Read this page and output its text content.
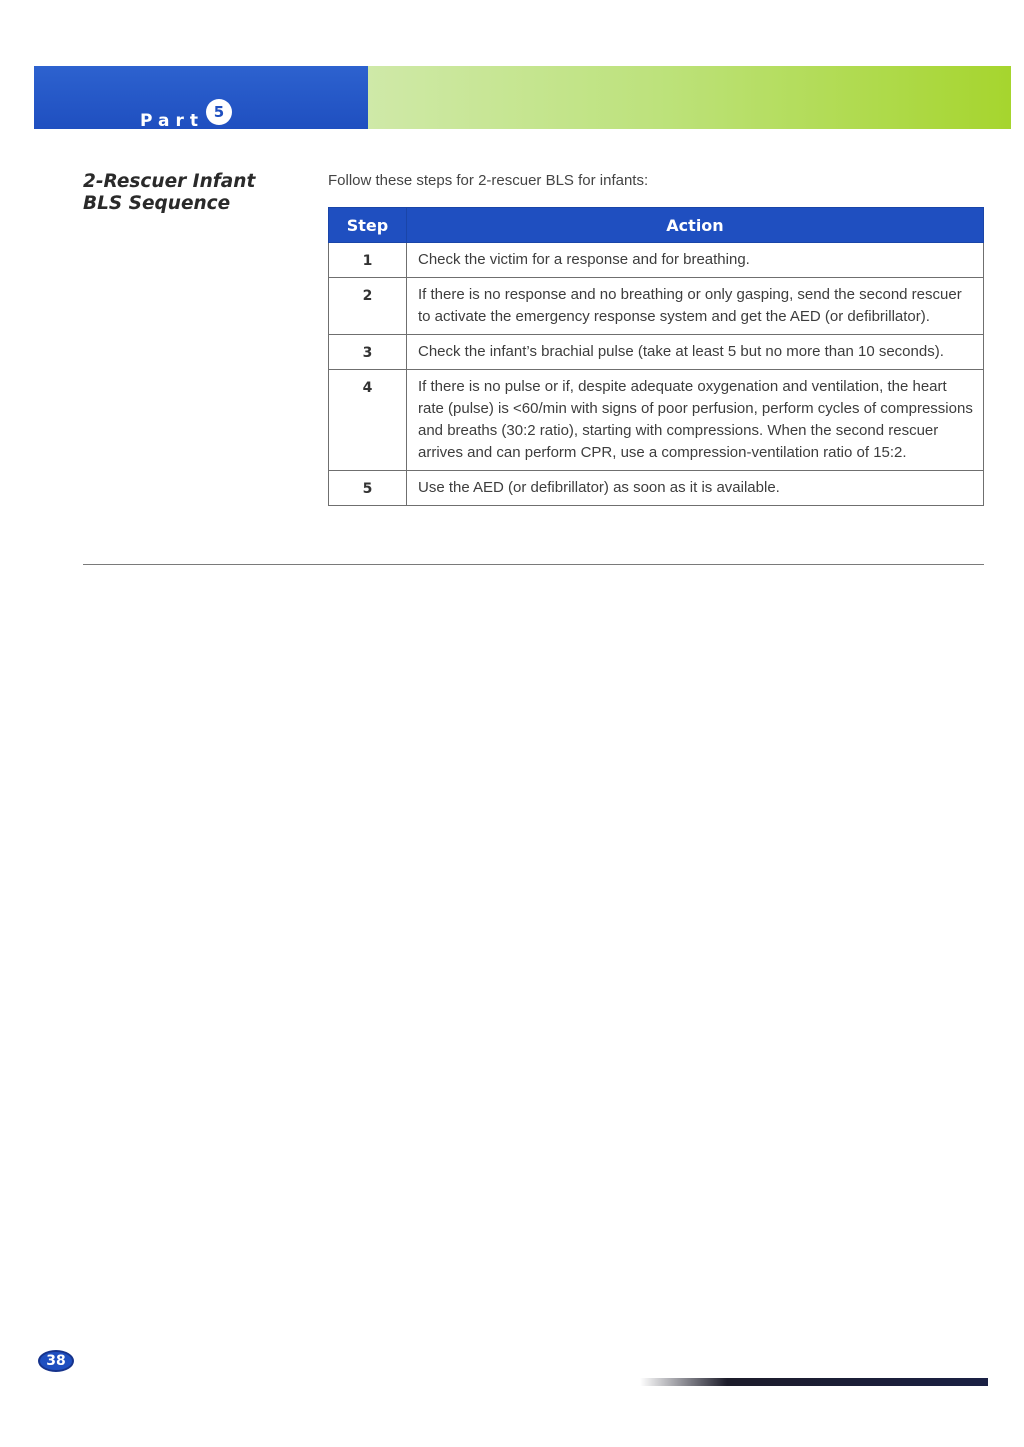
Part 5
2-Rescuer Infant BLS Sequence
Follow these steps for 2-rescuer BLS for infants:
Step	Action
1	Check the victim for a response and for breathing.
2	If there is no response and no breathing or only gasping, send the second rescuer to activate the emergency response system and get the AED (or defibrillator).
3	Check the infant’s brachial pulse (take at least 5 but no more than 10 seconds).
4	If there is no pulse or if, despite adequate oxygenation and ventilation, the heart rate (pulse) is <60/min with signs of poor perfusion, perform cycles of compressions and breaths (30:2 ratio), starting with compressions. When the second rescuer arrives and can perform CPR, use a compression-ventilation ratio of 15:2.
5	Use the AED (or defibrillator) as soon as it is available.
38
